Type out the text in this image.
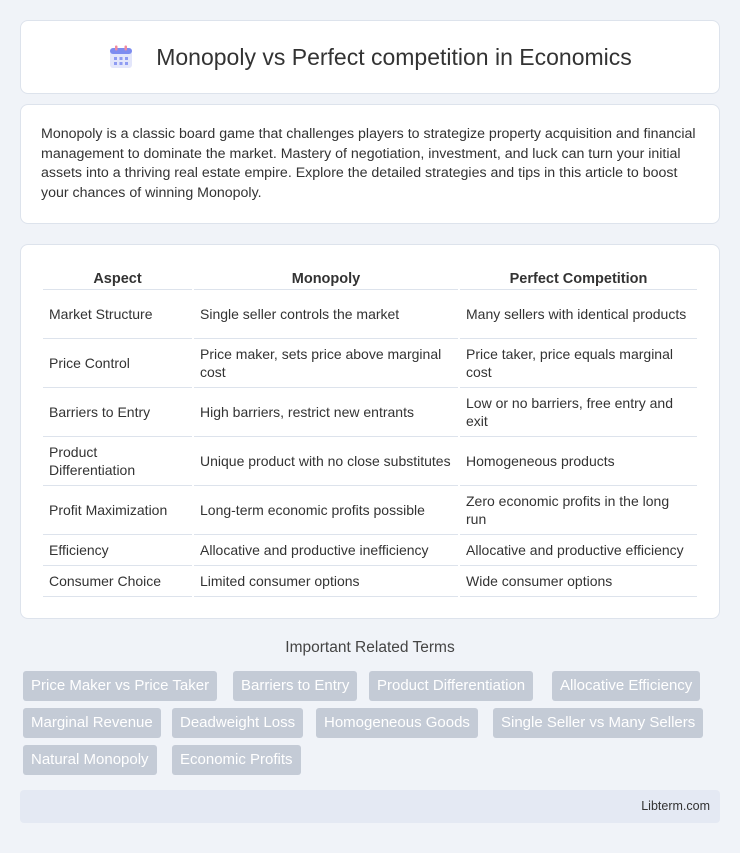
Monopoly vs Perfect competition in Economics

Monopoly is a classic board game that challenges players to strategize property acquisition and financial management to dominate the market. Mastery of negotiation, investment, and luck can turn your initial assets into a thriving real estate empire. Explore the detailed strategies and tips in this article to boost your chances of winning Monopoly.

Aspect	Monopoly	Perfect Competition
Market Structure	Single seller controls the market	Many sellers with identical products
Price Control	Price maker, sets price above marginal cost	Price taker, price equals marginal cost
Barriers to Entry	High barriers, restrict new entrants	Low or no barriers, free entry and exit
Product Differentiation	Unique product with no close substitutes	Homogeneous products
Profit Maximization	Long-term economic profits possible	Zero economic profits in the long run
Efficiency	Allocative and productive inefficiency	Allocative and productive efficiency
Consumer Choice	Limited consumer options	Wide consumer options
Important Related Terms
Price Maker vs Price Taker	Barriers to Entry	Product Differentiation	Allocative Efficiency
Marginal Revenue	Deadweight Loss	Homogeneous Goods	Single Seller vs Many Sellers
Natural Monopoly	Economic Profits
Libterm.com
